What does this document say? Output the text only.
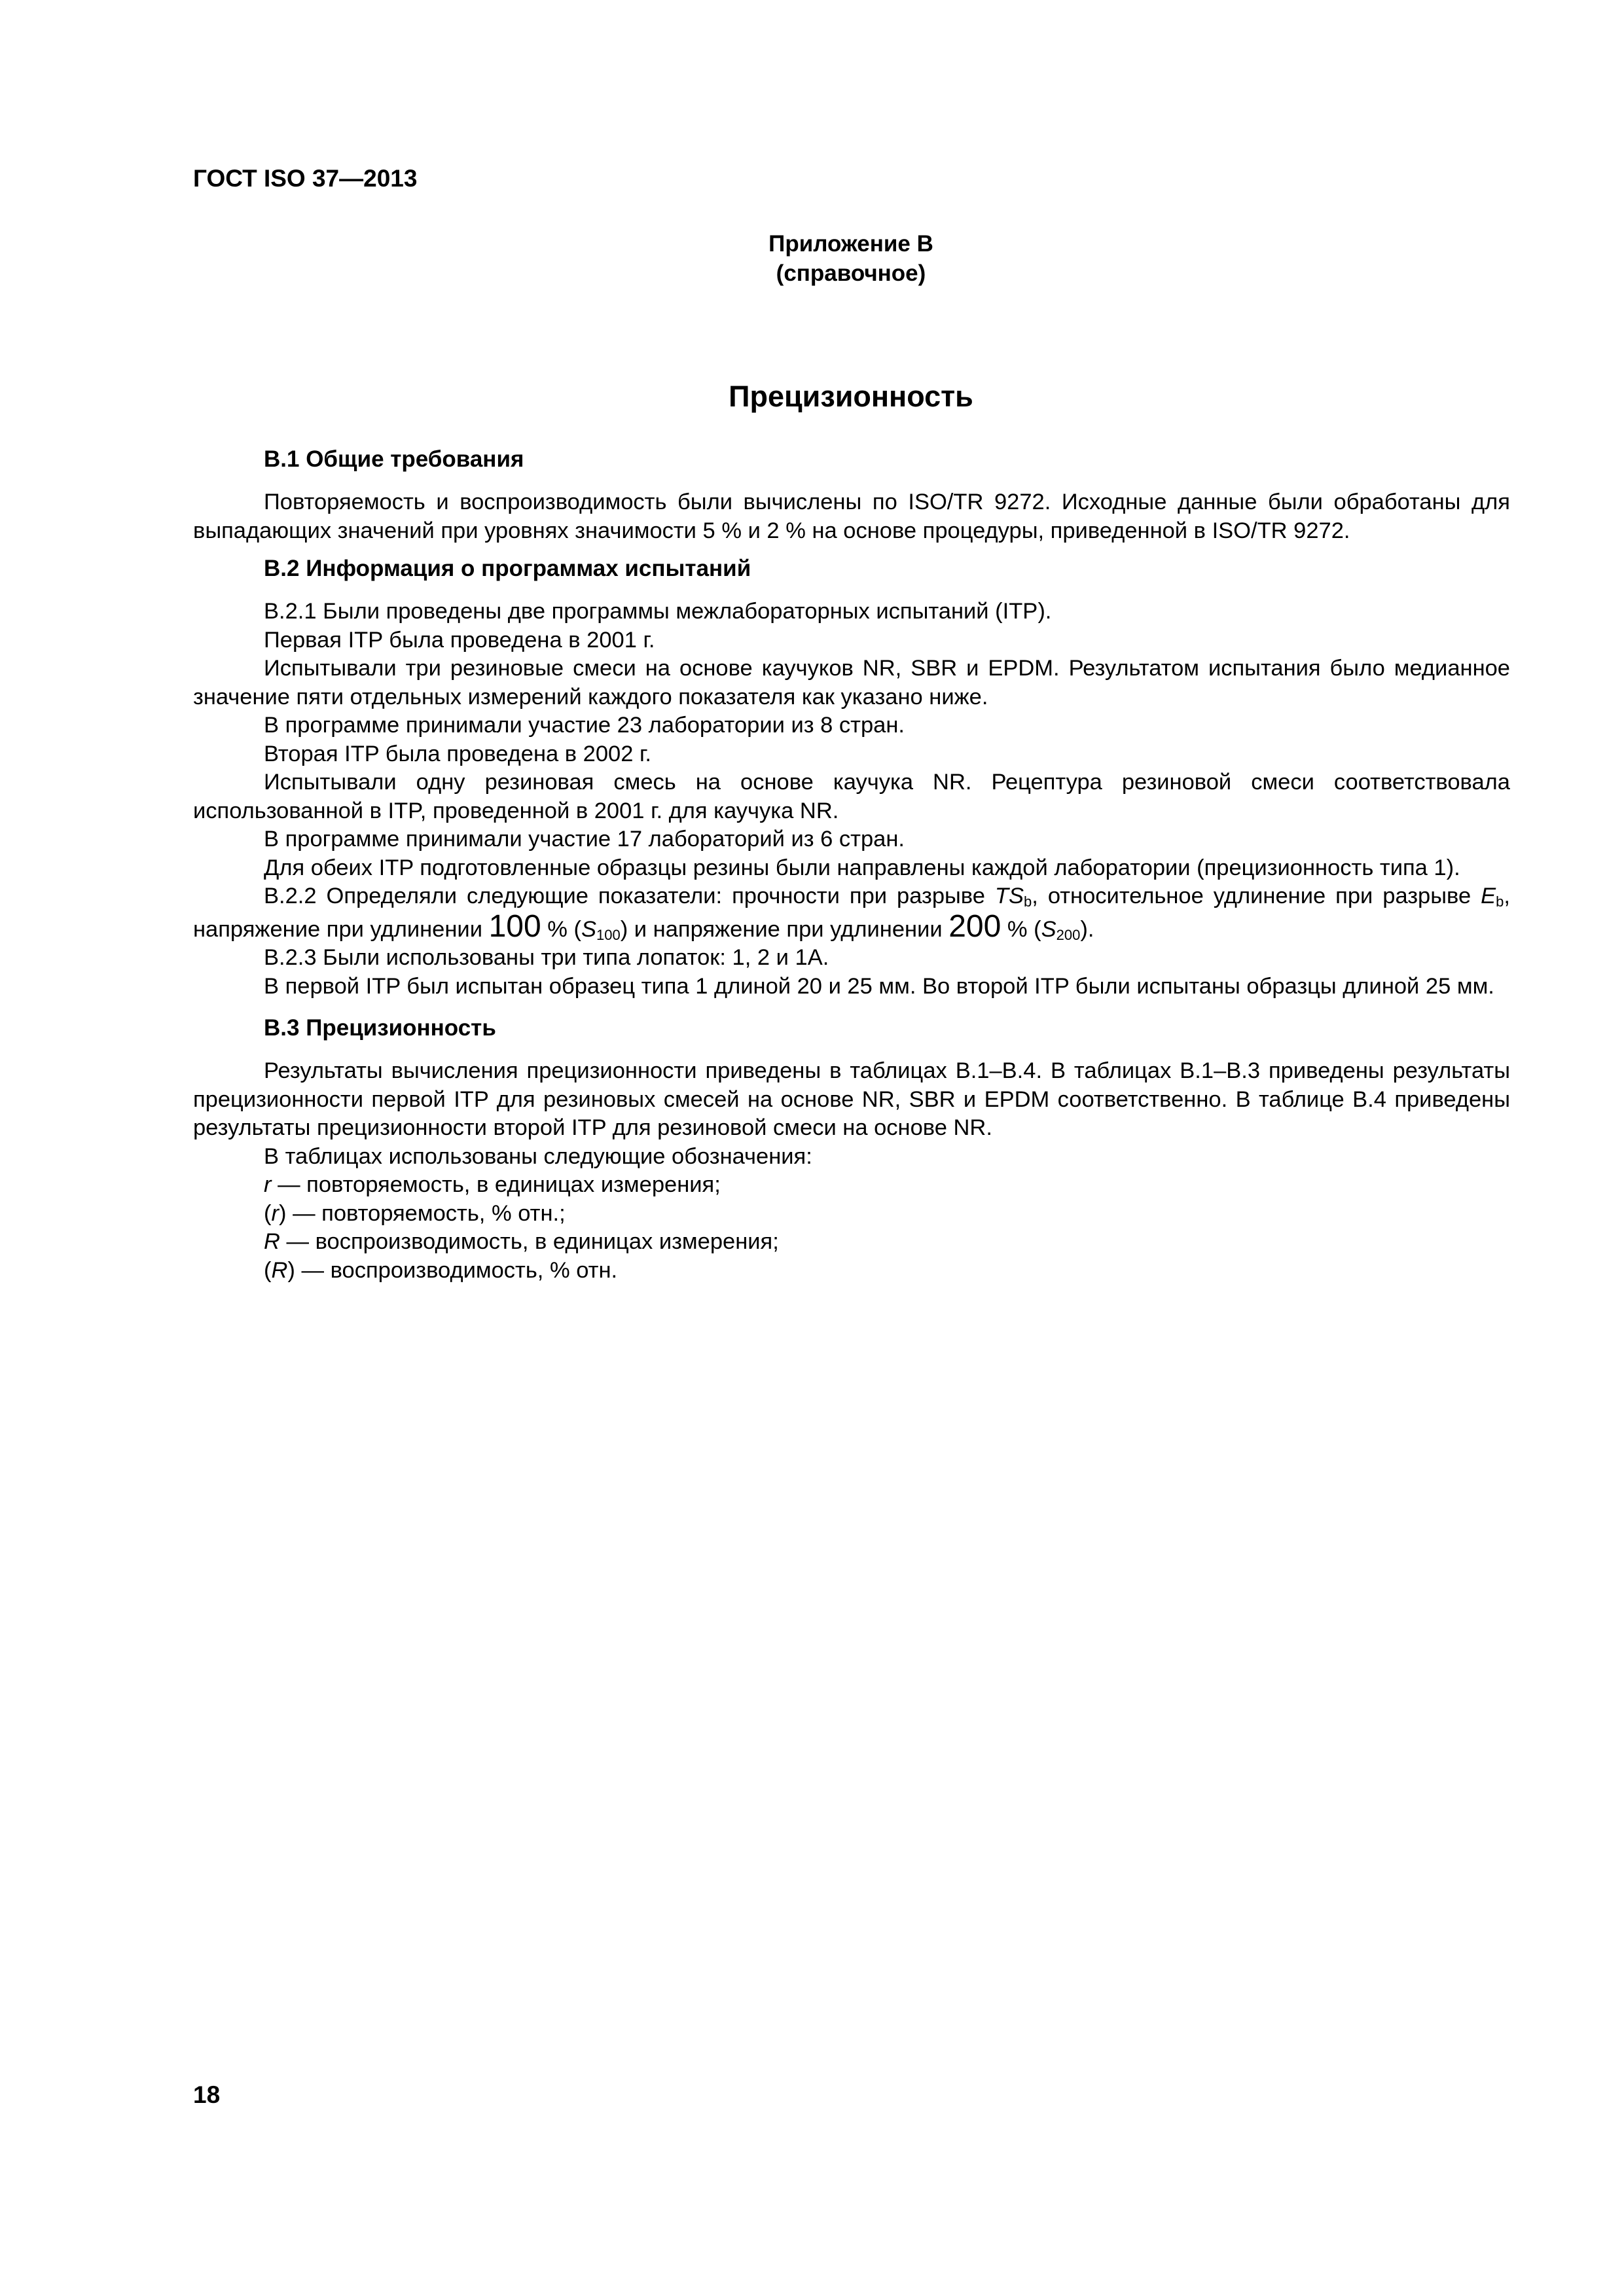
ГОСТ ISO 37—2013
Приложение В
(справочное)
Прецизионность
В.1 Общие требования

Повторяемость и воспроизводимость были вычислены по ISO/TR 9272. Исходные данные были обработаны для выпадающих значений при уровнях значимости 5 % и 2 % на основе процедуры, приведенной в ISO/TR 9272.

В.2 Информация о программах испытаний

В.2.1 Были проведены две программы межлабораторных испытаний (ITP).

Первая ITP была проведена в 2001 г.

Испытывали три резиновые смеси на основе каучуков NR, SBR и EPDM. Результатом испытания было медианное значение пяти отдельных измерений каждого показателя как указано ниже.

В программе принимали участие 23 лаборатории из 8 стран.

Вторая ITP была проведена в 2002 г.

Испытывали одну резиновая смесь на основе каучука NR. Рецептура резиновой смеси соответствовала использованной в ITP, проведенной в 2001 г. для каучука NR.

В программе принимали участие 17 лабораторий из 6 стран.

Для обеих ITP подготовленные образцы резины были направлены каждой лаборатории (прецизионность типа 1).

В.2.2 Определяли следующие показатели: прочности при разрыве $TS_b$, относительное удлинение при разрыве $E_b$, напряжение при удлинении 100 % $(S_{100})$ и напряжение при удлинении 200 % $(S_{200})$.

В.2.3 Были использованы три типа лопаток: 1, 2 и 1А.

В первой ITP был испытан образец типа 1 длиной 20 и 25 мм. Во второй ITP были испытаны образцы длиной 25 мм.

В.3 Прецизионность

Результаты вычисления прецизионности приведены в таблицах В.1–В.4. В таблицах В.1–В.3 приведены результаты прецизионности первой ITP для резиновых смесей на основе NR, SBR и EPDM соответственно. В таблице В.4 приведены результаты прецизионности второй ITP для резиновой смеси на основе NR.

В таблицах использованы следующие обозначения:

r — повторяемость, в единицах измерения;

(r) — повторяемость, % отн.;

R — воспроизводимость, в единицах измерения;

(R) — воспроизводимость, % отн.

18
